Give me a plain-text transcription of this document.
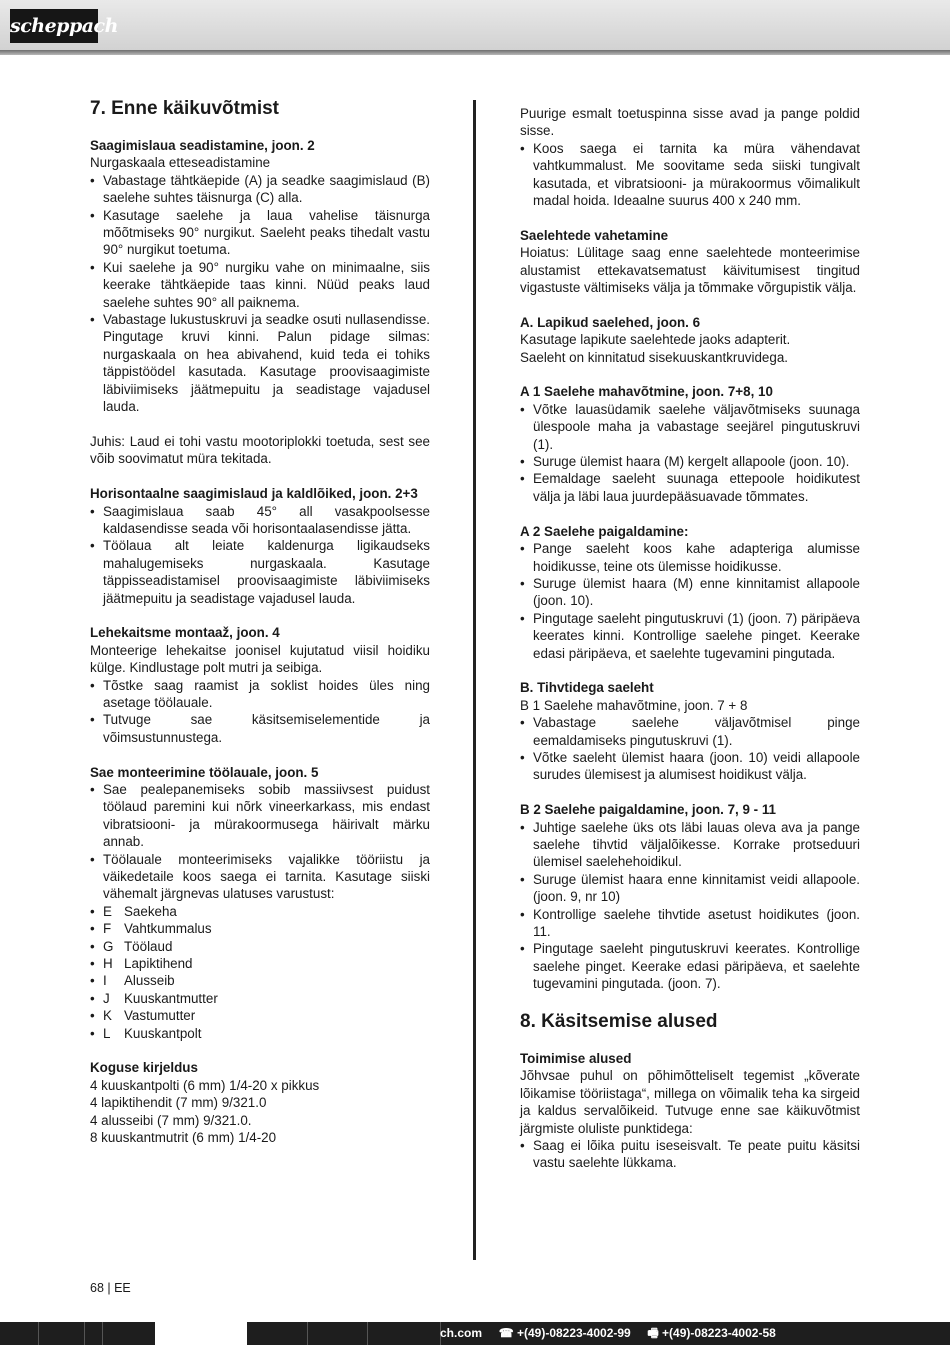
scheppach
7. Enne käikuvõtmist
Saagimislaua seadistamine, joon. 2

Nurgaskaala etteseadistamine

• Vabastage tähtkäepide (A) ja seadke saagimislaud (B) saelehe suhtes täisnurga (C) alla.
• Kasutage saelehe ja laua vahelise täisnurga mõõtmiseks 90° nurgikut. Saeleht peaks tihedalt vastu 90° nurgikut toetuma.
• Kui saelehe ja 90° nurgiku vahe on minimaalne, siis keerake tähtkäepide taas kinni. Nüüd peaks laud saelehe suhtes 90° all paiknema.
• Vabastage lukustuskruvi ja seadke osuti nullasendisse. Pingutage kruvi kinni. Palun pidage silmas: nurgaskaala on hea abivahend, kuid teda ei tohiks täppistöödel kasutada. Kasutage proovisaagimiste läbiviimiseks jäätmepuitu ja seadistage vajadusel lauda.

Juhis: Laud ei tohi vastu mootoriplokki toetuda, sest see võib soovimatut müra tekitada.

Horisontaalne saagimislaud ja kaldlõiked, joon. 2+3
• Saagimislaua saab 45° all vasakpoolsesse kaldasendisse seada või horisontaalasendisse jätta.
• Töölaua alt leiate kaldenurga ligikaudseks mahalugemiseks nurgaskaala. Kasutage täppisseadistamisel proovisaagimiste läbiviimiseks jäätmepuitu ja seadistage vajadusel lauda.
Lehekaitsme montaaž, joon. 4

Monteerige lehekaitse joonisel kujutatud viisil hoidiku külge. Kindlustage polt mutri ja seibiga.

• Tõstke saag raamist ja soklist hoides üles ning asetage töölauale.
• Tutvuge sae käsitsemiselementide ja võimsustunnustega.
Sae monteerimine töölauale, joon. 5
• Sae pealepanemiseks sobib massiivsest puidust töölaud paremini kui nõrk vineerkarkass, mis endast vibratsiooni- ja mürakoormusega häirivalt märku annab.
• Töölauale monteerimiseks vajalikke tööriistu ja väikedetaile koos saega ei tarnita. Kasutage siiski vähemalt järgnevas ulatuses varustust:
• E Saekeha
• F Vahtkummalus
• G Töölaud
• H Lapiktihend
• I Alusseib
• J Kuuskantmutter
• K Vastumutter
• L Kuuskantpolt
Koguse kirjeldus

4 kuuskantpolti (6 mm) 1/4-20 x pikkus

4 lapiktihendit (7 mm) 9/321.0

4 alusseibi (7 mm) 9/321.0.

8 kuuskantmutrit (6 mm) 1/4-20

Puurige esmalt toetuspinna sisse avad ja pange poldid sisse.

• Koos saega ei tarnita ka müra vähendavat vahtkummalust. Me soovitame seda siiski tungivalt kasutada, et vibratsiooni- ja mürakoormus võimalikult madal hoida. Ideaalne suurus 400 x 240 mm.
Saelehtede vahetamine

Hoiatus: Lülitage saag enne saelehtede monteerimise alustamist ettekavatsematust käivitumisest tingitud vigastuste vältimiseks välja ja tõmmake võrgupistik välja.

A. Lapikud saelehed, joon. 6

Kasutage lapikute saelehtede jaoks adapterit.

Saeleht on kinnitatud sisekuuskantkruvidega.

A 1 Saelehe mahavõtmine, joon. 7+8, 10
• Võtke lauasüdamik saelehe väljavõtmiseks suunaga ülespoole maha ja vabastage seejärel pingutuskruvi (1).
• Suruge ülemist haara (M) kergelt allapoole (joon. 10).
• Eemaldage saeleht suunaga ettepoole hoidikutest välja ja läbi laua juurdepääsuavade tõmmates.
A 2 Saelehe paigaldamine:
• Pange saeleht koos kahe adapteriga alumisse hoidikusse, teine ots ülemisse hoidikusse.
• Suruge ülemist haara (M) enne kinnitamist allapoole (joon. 10).
• Pingutage saeleht pingutuskruvi (1) (joon. 7) päripäeva keerates kinni. Kontrollige saelehe pinget. Keerake edasi päripäeva, et saelehte tugevamini pingutada.
B. Tihvtidega saeleht

B 1 Saelehe mahavõtmine, joon. 7 + 8

• Vabastage saelehe väljavõtmisel pinge eemaldamiseks pingutuskruvi (1).
• Võtke saeleht ülemist haara (joon. 10) veidi allapoole surudes ülemisest ja alumisest hoidikust välja.
B 2 Saelehe paigaldamine, joon. 7, 9 - 11
• Juhtige saelehe üks ots läbi lauas oleva ava ja pange saelehe tihvtid väljalõikesse. Korrake protseduuri ülemisel saelehehoidikul.
• Suruge ülemist haara enne kinnitamist veidi allapoole. (joon. 9, nr 10)
• Kontrollige saelehe tihvtide asetust hoidikutes (joon. 11.
• Pingutage saeleht pingutuskruvi keerates. Kontrollige saelehe pinget. Keerake edasi päripäeva, et saelehte tugevamini pingutada. (joon. 7).
8. Käsitsemise alused
Toimimise alused

Jõhvsae puhul on põhimõtteliselt tegemist „kõverate lõikamise tööriistaga“, millega on võimalik teha ka sirgeid ja kaldus servalõikeid. Tutvuge enne sae käikuvõtmist järgmiste oluliste punktidega:

• Saag ei lõika puitu iseseisvalt. Te peate puitu käsitsi vastu saelehte lükkama.
68 | EE
ch.com ☎ +(49)-08223-4002-99 🖷 +(49)-08223-4002-58
